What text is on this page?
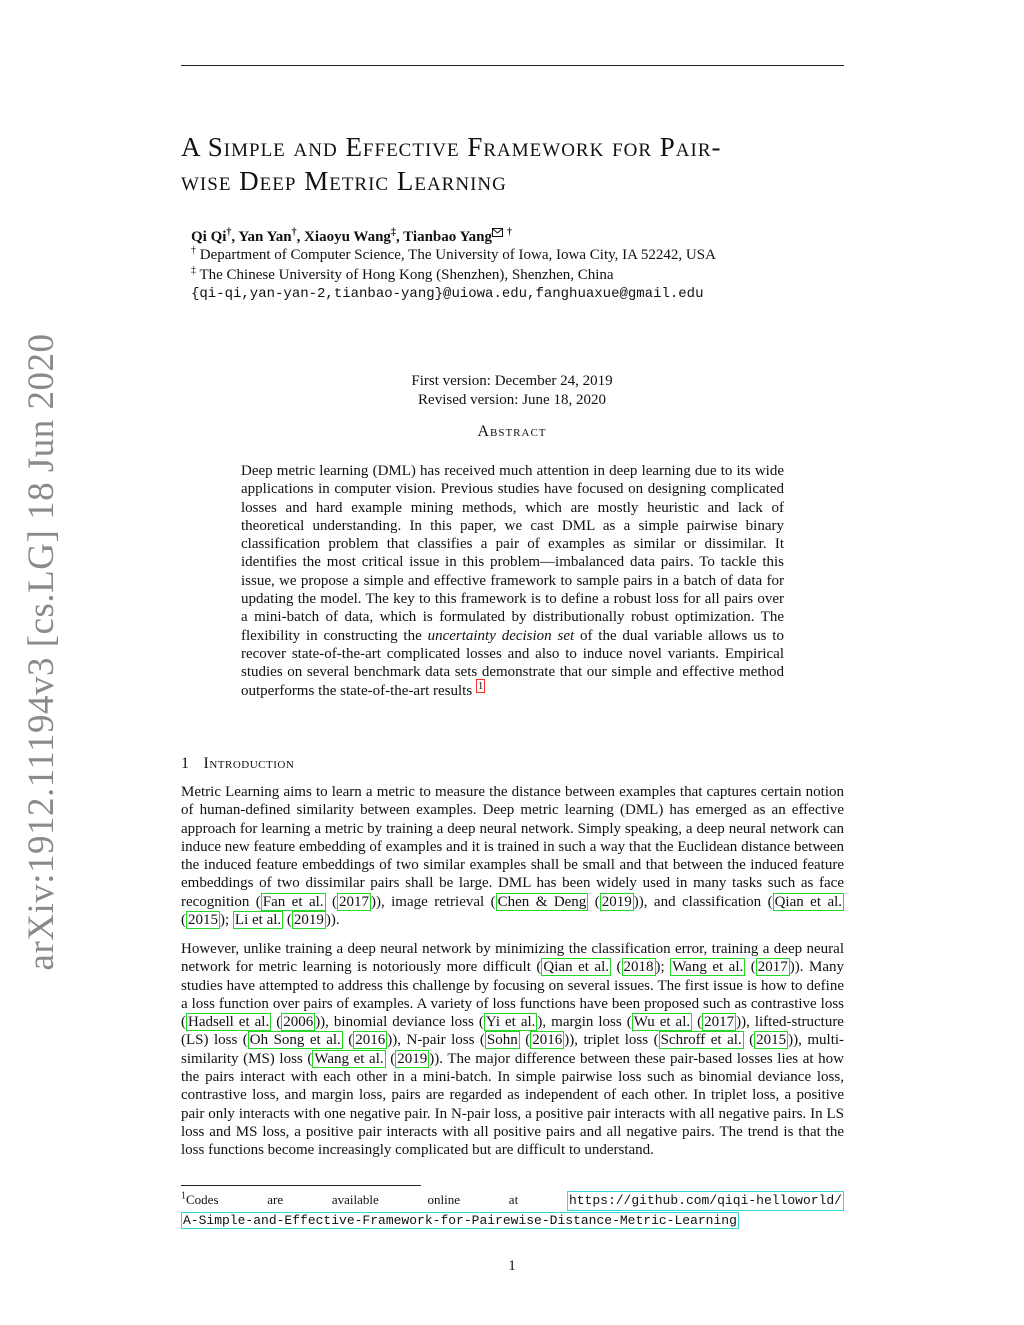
arXiv:1912.11194v3 [cs.LG] 18 Jun 2020
A Simple and Effective Framework for Pair-
wise Deep Metric Learning
Qi Qi†, Yan Yan†, Xiaoyu Wang‡, Tianbao Yang †
† Department of Computer Science, The University of Iowa, Iowa City, IA 52242, USA
‡ The Chinese University of Hong Kong (Shenzhen), Shenzhen, China
{qi-qi,yan-yan-2,tianbao-yang}@uiowa.edu,fanghuaxue@gmail.edu
First version: December 24, 2019
Revised version: June 18, 2020
Abstract
Deep metric learning (DML) has received much attention in deep learning due to its wide applications in computer vision. Previous studies have focused on designing complicated losses and hard example mining methods, which are mostly heuristic and lack of theoretical understanding. In this paper, we cast DML as a simple pairwise binary classification problem that classifies a pair of examples as similar or dissimilar. It identifies the most critical issue in this problem—imbalanced data pairs. To tackle this issue, we propose a simple and effective framework to sample pairs in a batch of data for updating the model. The key to this framework is to define a robust loss for all pairs over a mini-batch of data, which is formulated by distributionally robust optimization. The flexibility in constructing the uncertainty decision set of the dual variable allows us to recover state-of-the-art complicated losses and also to induce novel variants. Empirical studies on several benchmark data sets demonstrate that our simple and effective method outperforms the state-of-the-art results $^1$
1 Introduction
Metric Learning aims to learn a metric to measure the distance between examples that captures certain notion of human-defined similarity between examples. Deep metric learning (DML) has emerged as an effective approach for learning a metric by training a deep neural network. Simply speaking, a deep neural network can induce new feature embedding of examples and it is trained in such a way that the Euclidean distance between the induced feature embeddings of two similar examples shall be small and that between the induced feature embeddings of two dissimilar pairs shall be large. DML has been widely used in many tasks such as face recognition ( Fan et al. ( 2017 )), image retrieval ( Chen & Deng ( 2019 )), and classification ( Qian et al. ( 2015 ); Li et al. ( 2019 )).
However, unlike training a deep neural network by minimizing the classification error, training a deep neural network for metric learning is notoriously more difficult ( Qian et al. ( 2018 ); Wang et al. ( 2017 )). Many studies have attempted to address this challenge by focusing on several issues. The first issue is how to define a loss function over pairs of examples. A variety of loss functions have been proposed such as contrastive loss ( Hadsell et al. ( 2006 )), binomial deviance loss ( Yi et al. ), margin loss ( Wu et al. ( 2017 )), lifted-structure (LS) loss ( Oh Song et al. ( 2016 )), N-pair loss ( Sohn ( 2016 )), triplet loss ( Schroff et al. ( 2015 )), multi-similarity (MS) loss ( Wang et al. ( 2019 )). The major difference between these pair-based losses lies at how the pairs interact with each other in a mini-batch. In simple pairwise loss such as binomial deviance loss, contrastive loss, and margin loss, pairs are regarded as independent of each other. In triplet loss, a positive pair only interacts with one negative pair. In N-pair loss, a positive pair interacts with all negative pairs. In LS loss and MS loss, a positive pair interacts with all positive pairs and all negative pairs. The trend is that the loss functions become increasingly complicated but are difficult to understand.
$^1$Codes	are	available	online	at	https://github.com/qiqi-helloworld/
A-Simple-and-Effective-Framework-for-Pairewise-Distance-Metric-Learning
1
